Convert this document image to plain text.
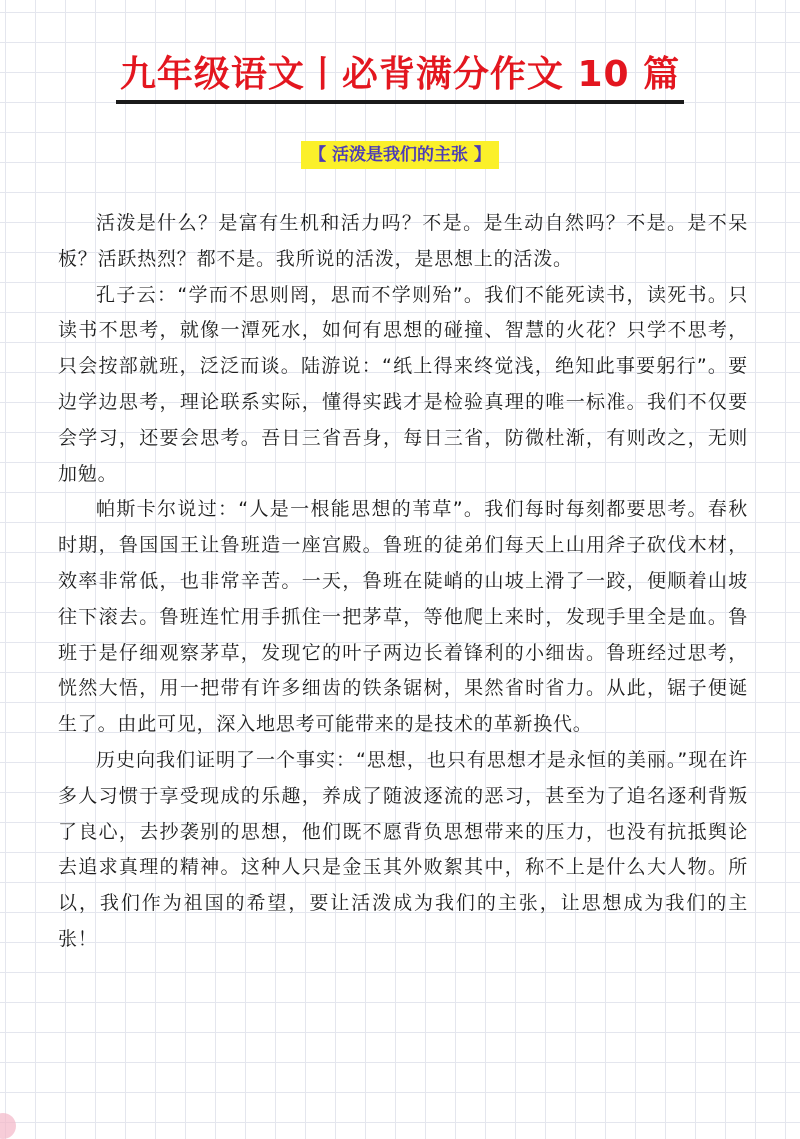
九年级语文丨必背满分作文 10 篇
【 活泼是我们的主张 】

活泼是什么？是富有生机和活力吗？不是。是生动自然吗？不是。是不呆板？活跃热烈？都不是。我所说的活泼，是思想上的活泼。

孔子云：“学而不思则罔，思而不学则殆”。我们不能死读书，读死书。只读书不思考，就像一潭死水，如何有思想的碰撞、智慧的火花？只学不思考，只会按部就班，泛泛而谈。陆游说：“纸上得来终觉浅，绝知此事要躬行”。要边学边思考，理论联系实际，懂得实践才是检验真理的唯一标准。我们不仅要会学习，还要会思考。吾日三省吾身，每日三省，防微杜渐，有则改之，无则加勉。

帕斯卡尔说过：“人是一根能思想的苇草”。我们每时每刻都要思考。春秋时期，鲁国国王让鲁班造一座宫殿。鲁班的徒弟们每天上山用斧子砍伐木材，效率非常低，也非常辛苦。一天，鲁班在陡峭的山坡上滑了一跤，便顺着山坡往下滚去。鲁班连忙用手抓住一把茅草，等他爬上来时，发现手里全是血。鲁班于是仔细观察茅草，发现它的叶子两边长着锋利的小细齿。鲁班经过思考，恍然大悟，用一把带有许多细齿的铁条锯树，果然省时省力。从此，锯子便诞生了。由此可见，深入地思考可能带来的是技术的革新换代。

历史向我们证明了一个事实：“思想，也只有思想才是永恒的美丽。”现在许多人习惯于享受现成的乐趣，养成了随波逐流的恶习，甚至为了追名逐利背叛了良心，去抄袭别的思想，他们既不愿背负思想带来的压力，也没有抗抵舆论去追求真理的精神。这种人只是金玉其外败絮其中，称不上是什么大人物。所以，我们作为祖国的希望，要让活泼成为我们的主张，让思想成为我们的主张！
